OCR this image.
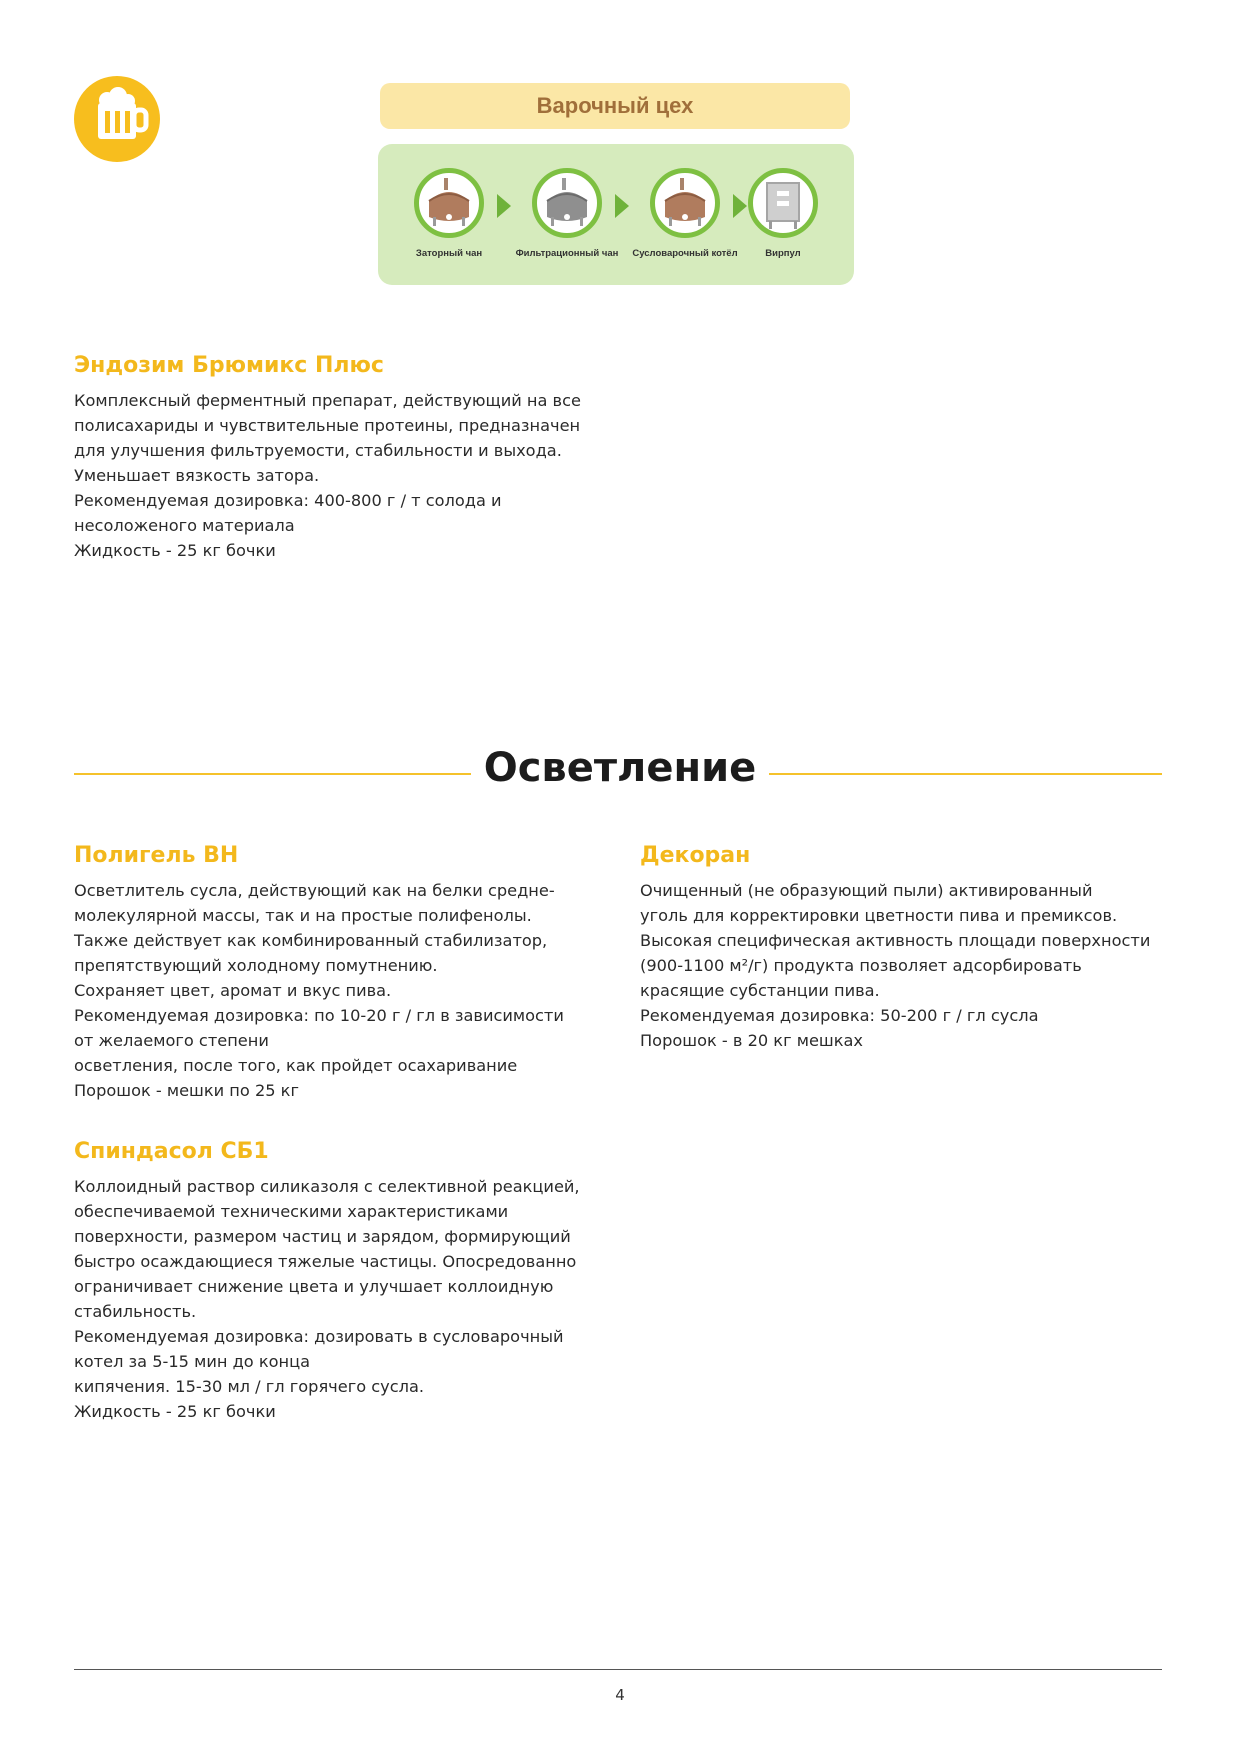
Варочный цех
Заторный чан	Фильтрационный чан	Сусловарочный котёл	Вирпул
Эндозим Брюмикс Плюс
Комплексный ферментный препарат, действующий на все
полисахариды и чувствительные протеины, предназначен
для улучшения фильтруемости, стабильности и выхода.
Уменьшает вязкость затора.
Рекомендуемая дозировка: 400-800 г / т солода и
несоложеного материала
Жидкость - 25 кг бочки
Осветление
Полигель ВН
Осветлитель сусла, действующий как на белки средне-
молекулярной массы, так и на простые полифенолы.
Также действует как комбинированный стабилизатор,
препятствующий холодному помутнению.
Сохраняет цвет, аромат и вкус пива.
Рекомендуемая дозировка: по 10-20 г / гл в зависимости
от желаемого степени
осветления, после того, как пройдет осахаривание
Порошок - мешки по 25 кг
Спиндасол СБ1
Коллоидный раствор силиказоля с селективной реакцией,
обеспечиваемой техническими характеристиками
поверхности, размером частиц и зарядом, формирующий
быстро осаждающиеся тяжелые частицы. Опосредованно
ограничивает снижение цвета и улучшает коллоидную
стабильность.
Рекомендуемая дозировка: дозировать в сусловарочный
котел за 5-15 мин до конца
кипячения. 15-30 мл / гл горячего сусла.
Жидкость - 25 кг бочки
Декоран
Очищенный (не образующий пыли) активированный
уголь для корректировки цветности пива и премиксов.
Высокая специфическая активность площади поверхности
(900-1100 м²/г) продукта позволяет адсорбировать
красящие субстанции пива.
Рекомендуемая дозировка: 50-200 г / гл сусла
Порошок - в 20 кг мешках
4
